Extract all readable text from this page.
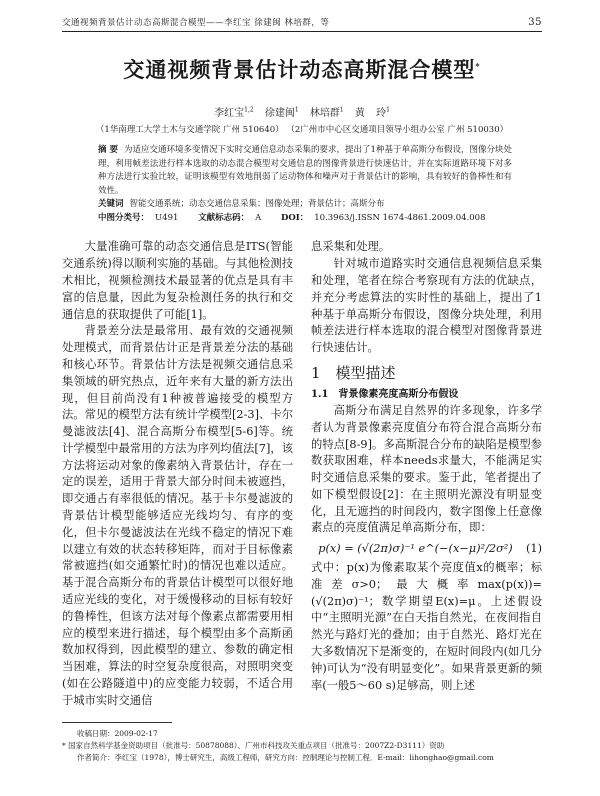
交通视频背景估计动态高斯混合模型——李红宝 徐建闽 林培群，等	35
交通视频背景估计动态高斯混合模型*
李红宝$^{1,2}$ 徐建闽$^1$ 林培群$^1$ 黄 玲$^1$
（1华南理工大学土木与交通学院 广州 510640） （2广州市中心区交通项目领导小组办公室 广州 510030）
摘 要 为适应交通环境多变情况下实时交通信息动态采集的要求，提出了1种基于单高斯分布假设，图像分块处理，利用帧差法进行样本选取的动态混合模型对交通信息的图像背景进行快速估计，并在实际道路环境下对多种方法进行实验比较，证明该模型有效地削弱了运动物体和噪声对于背景估计的影响，具有较好的鲁棒性和有效性。
关键词 智能交通系统；动态交通信息采集；图像处理；背景估计；高斯分布
中图分类号： U491    文献标志码： A    DOI： 10.3963/j.ISSN 1674-4861.2009.04.008

大量准确可靠的动态交通信息是ITS(智能交通系统)得以顺利实施的基础。与其他检测技术相比，视频检测技术最显著的优点是具有丰富的信息量，因此为复杂检测任务的执行和交通信息的获取提供了可能[1]。

背景差分法是最常用、最有效的交通视频处理模式，而背景估计正是背景差分法的基础和核心环节。背景估计方法是视频交通信息采集领域的研究热点，近年来有大量的新方法出现，但目前尚没有1种被普遍接受的模型方法。常见的模型方法有统计学模型[2-3]、卡尔曼滤波法[4]、混合高斯分布模型[5-6]等。统计学模型中最常用的方法为序列均值法[7]，该方法将运动对象的像素纳入背景估计，存在一定的误差，适用于背景大部分时间未被遮挡，即交通占有率很低的情况。基于卡尔曼滤波的背景估计模型能够适应光线均匀、有序的变化，但卡尔曼滤波法在光线不稳定的情况下难以建立有效的状态转移矩阵，而对于目标像素常被遮挡(如交通繁忙时)的情况也难以适应。基于混合高斯分布的背景估计模型可以很好地适应光线的变化，对于缓慢移动的目标有较好的鲁棒性，但该方法对每个像素点都需要用相应的模型来进行描述，每个模型由多个高斯函数加权得到，因此模型的建立、参数的确定相当困难，算法的时空复杂度很高，对照明突变(如在公路隧道中)的应变能力较弱，不适合用于城市实时交通信

息采集和处理。

针对城市道路实时交通信息视频信息采集和处理，笔者在综合考察现有方法的优缺点，并充分考虑算法的实时性的基础上，提出了1种基于单高斯分布假设，图像分块处理，利用帧差法进行样本选取的混合模型对图像背景进行快速估计。

1　模型描述

1.1　背景像素亮度高斯分布假设

高斯分布满足自然界的许多现象，许多学者认为背景像素亮度值分布符合混合高斯分布的特点[8-9]。多高斯混合分布的缺陷是模型参数获取困难，样本needs求量大，不能满足实时交通信息采集的要求。鉴于此，笔者提出了如下模型假设[2]：在主照明光源没有明显变化，且无遮挡的时间段内，数字图像上任意像素点的亮度值满足单高斯分布，即：

p(x) = (√(2π)σ)⁻¹ e^(−(x−μ)²/2σ²)	(1)

式中：p(x)为像素取某个亮度值x的概率；标准差σ>0；最大概率max(p(x))=(√(2π)σ)⁻¹；数学期望E(x)=μ。上述假设中“主照明光源”在白天指自然光，在夜间指自然光与路灯光的叠加；由于自然光、路灯光在大多数情况下是渐变的，在短时间段内(如几分钟)可认为“没有明显变化”。如果背景更新的频率(一般5～60 s)足够高，则上述

收稿日期：2009-02-17
* 国家自然科学基金资助项目（批准号：50878088）、广州市科技攻关重点项目（批准号：2007Z2-D3111）资助
作者简介：李红宝（1978），博士研究生，高级工程师，研究方向：控制理论与控制工程．E-mail：lihonghao@gmail.com
